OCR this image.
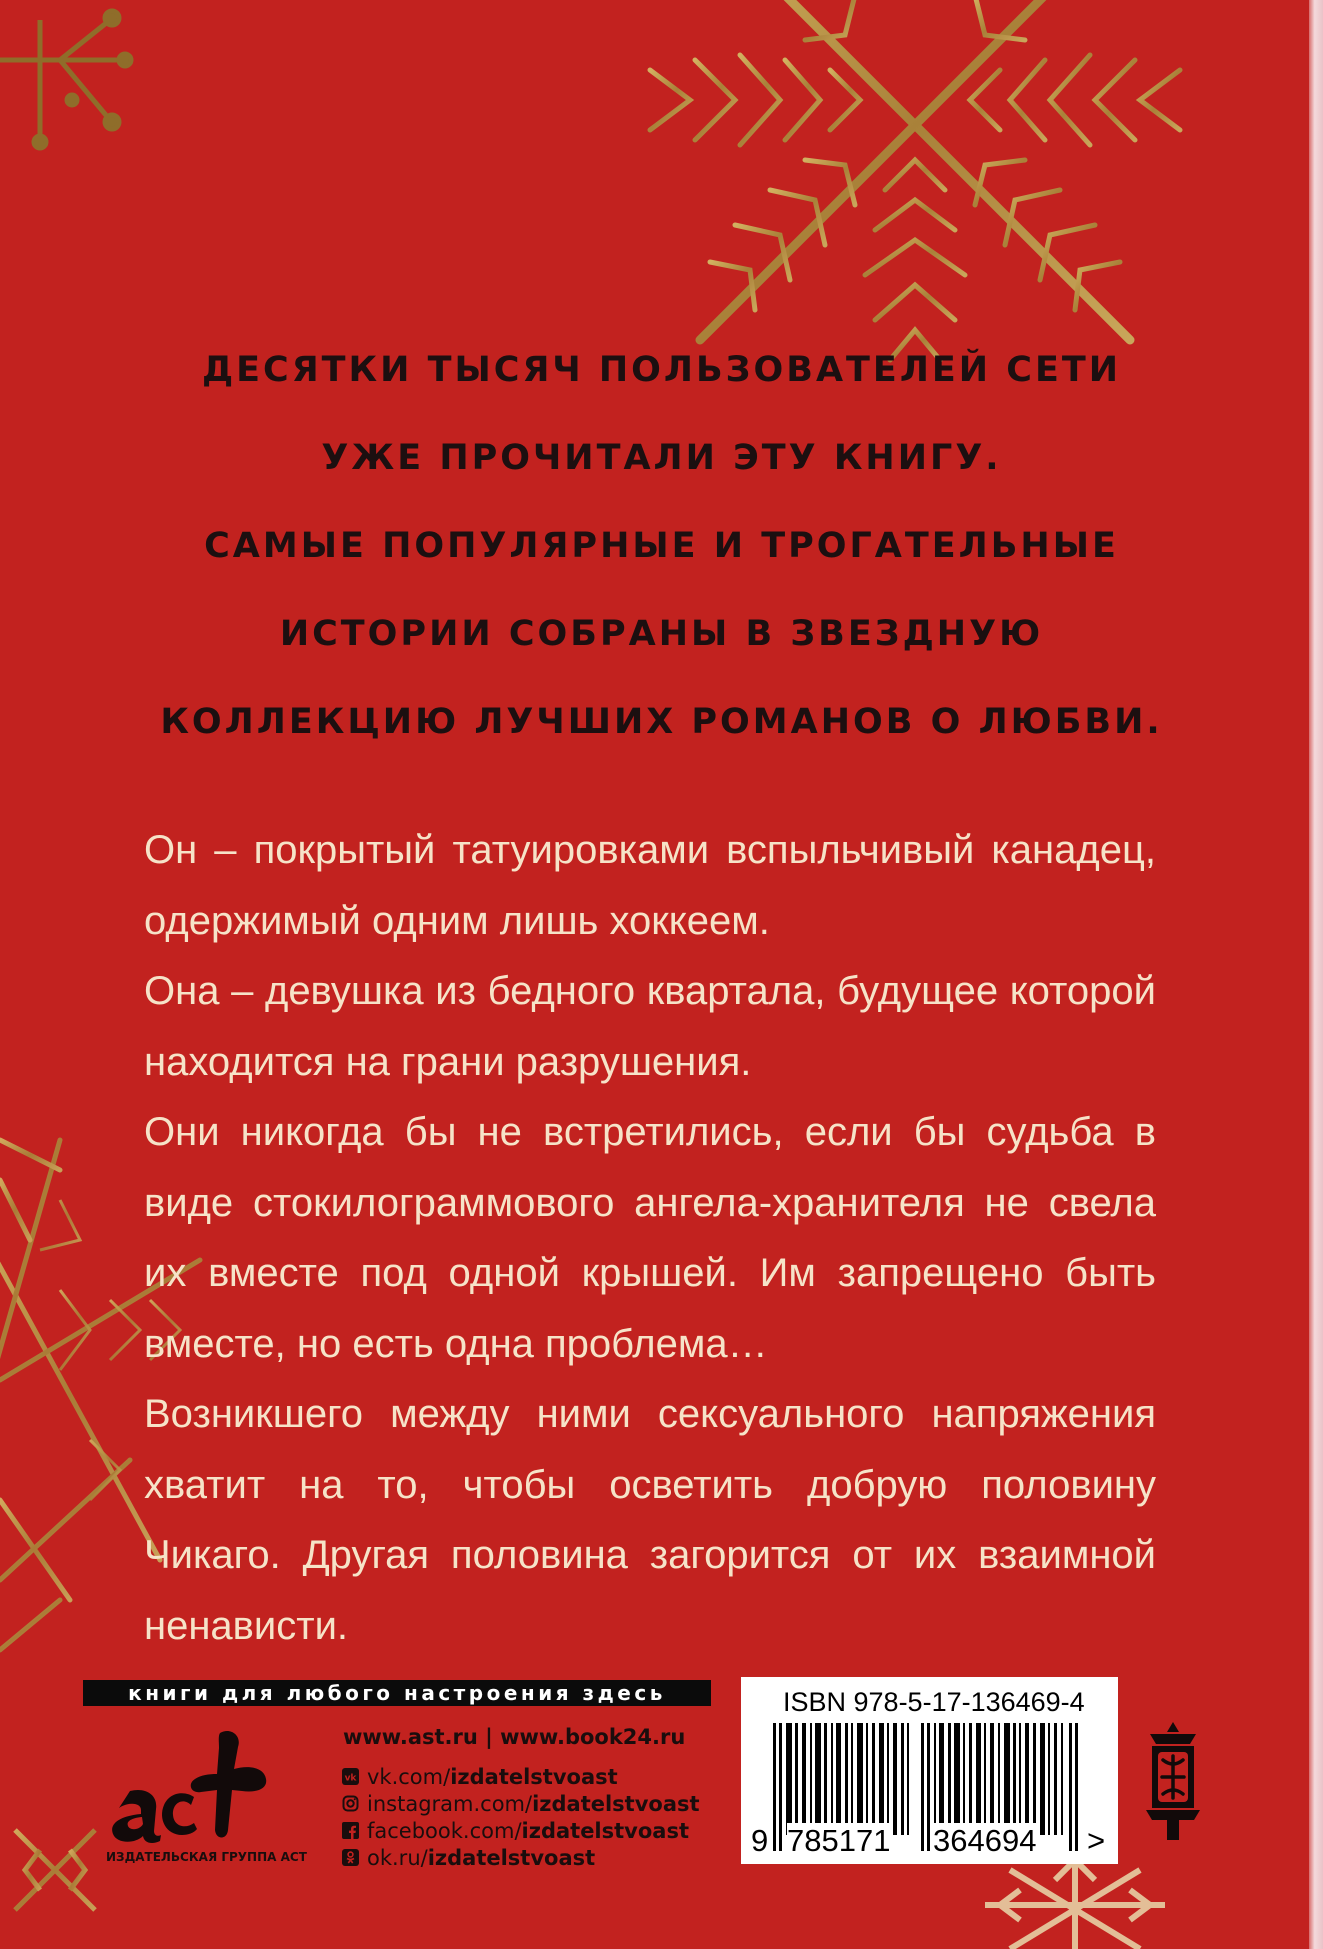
ДЕСЯТКИ ТЫСЯЧ ПОЛЬЗОВАТЕЛЕЙ СЕТИ
УЖЕ ПРОЧИТАЛИ ЭТУ КНИГУ.
САМЫЕ ПОПУЛЯРНЫЕ И ТРОГАТЕЛЬНЫЕ
ИСТОРИИ СОБРАНЫ В ЗВЕЗДНУЮ
КОЛЛЕКЦИЮ ЛУЧШИХ РОМАНОВ О ЛЮБВИ.

Он – покрытый татуировками вспыльчивый канадец, одержимый одним лишь хоккеем.

Она – девушка из бедного квартала, будущее которой находится на грани разрушения.

Они никогда бы не встретились, если бы судьба в виде стокилограммового ангела-хранителя не свела их вместе под одной крышей. Им запрещено быть вместе, но есть одна проблема…

Возникшего между ними сексуального напряжения хватит на то, чтобы осветить добрую половину Чикаго. Другая половина загорится от их взаимной ненависти.

книги для любого настроения здесь
ИЗДАТЕЛЬСКАЯ ГРУППА АСТ
www.ast.ru | www.book24.ru
vk vk.com/ izdatelstvoast
instagram.com/ izdatelstvoast
facebook.com/ izdatelstvoast
ok.ru/ izdatelstvoast
ISBN 978-5-17-136469-4
9 785171 364694 >
